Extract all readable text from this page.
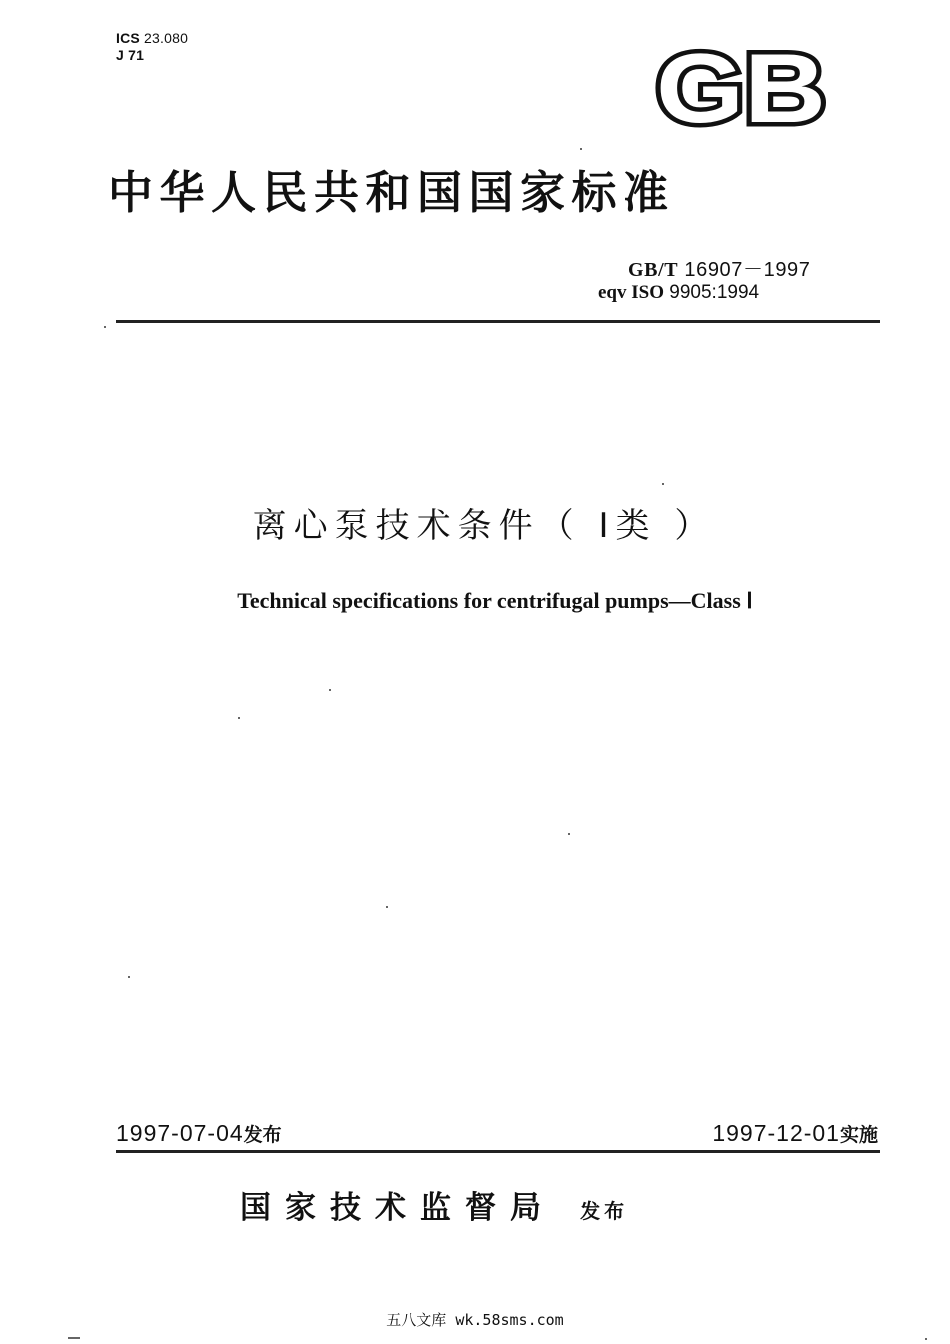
ICS 23.080
J 71	GB
中华人民共和国国家标准
GB/T 16907－1997
eqv ISO 9905:1994
离心泵技术条件（ I类 ）
Technical specifications for centrifugal pumps—Class Ⅰ
1997-07-04发布	1997-12-01实施
国家技术监督局 发布
五八文库 wk.58sms.com
